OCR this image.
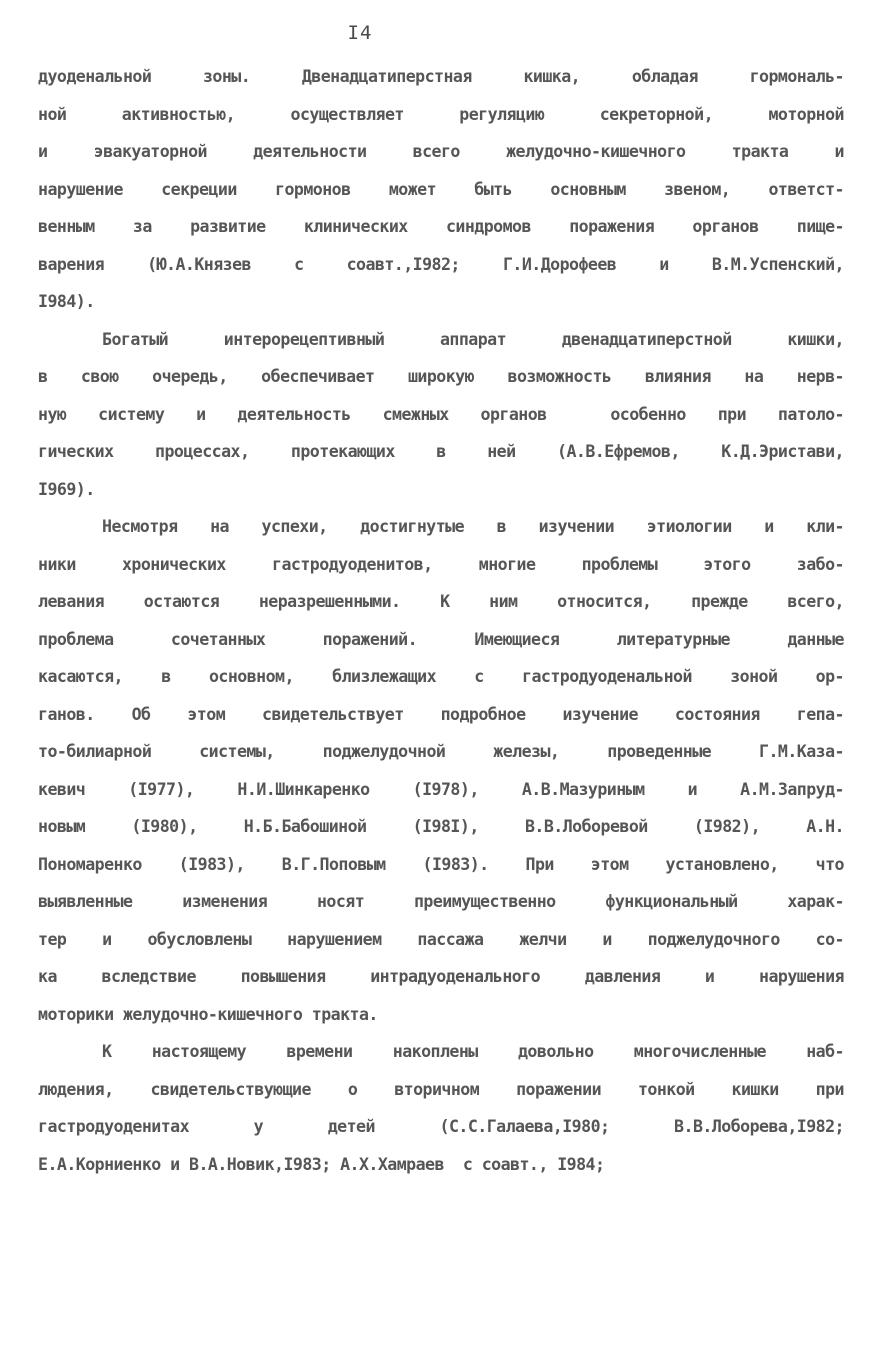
I4
дуоденальной зоны. Двенадцатиперстная кишка, обладая гормональ-
ной активностью, осуществляет регуляцию секреторной, моторной
и эвакуаторной деятельности всего желудочно-кишечного тракта и
нарушение секреции гормонов может быть основным звеном, ответст-
венным за развитие клинических синдромов поражения органов пище-
варения (Ю.А.Князев с соавт.,I982; Г.И.Дорофеев и В.М.Успенский,
I984).
Богатый интерорецептивный аппарат двенадцатиперстной кишки,
в свою очередь, обеспечивает широкую возможность влияния на нерв-
ную систему и деятельность смежных органов  особенно при патоло-
гических процессах, протекающих в ней (А.В.Ефремов, К.Д.Эристави,
I969).
Несмотря на успехи, достигнутые в изучении этиологии и кли-
ники хронических гастродуоденитов, многие проблемы этого забо-
левания остаются неразрешенными. К ним относится, прежде всего,
проблема сочетанных поражений. Имеющиеся литературные данные
касаются, в основном, близлежащих с гастродуоденальной зоной ор-
ганов. Об этом свидетельствует подробное изучение состояния гепа-
то-билиарной системы, поджелудочной железы, проведенные Г.М.Каза-
кевич (I977), Н.И.Шинкаренко (I978), А.В.Мазуриным и А.М.Запруд-
новым (I980), Н.Б.Бабошиной (I98I), В.В.Лоборевой (I982), А.Н.
Пономаренко (I983), В.Г.Поповым (I983). При этом установлено, что
выявленные изменения носят преимущественно функциональный харак-
тер и обусловлены нарушением пассажа желчи и поджелудочного со-
ка вследствие повышения интрадуоденального давления и нарушения
моторики желудочно-кишечного тракта.
К настоящему времени накоплены довольно многочисленные наб-
людения, свидетельствующие о вторичном поражении тонкой кишки при
гастродуоденитах у детей (С.С.Галаева,I980; В.В.Лоборева,I982;
Е.А.Корниенко и В.А.Новик,I983; А.Х.Хамраев  с соавт., I984;
